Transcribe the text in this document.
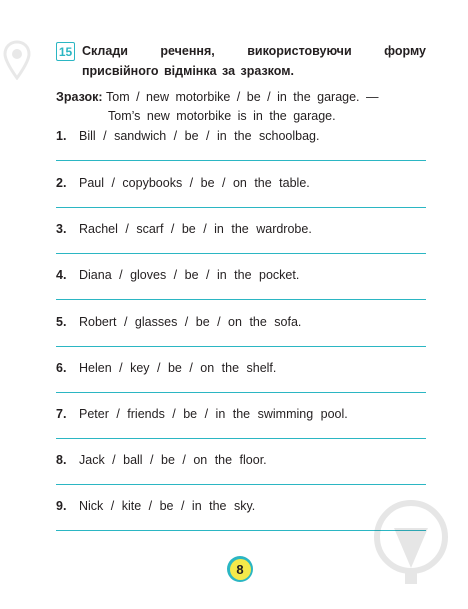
15 Склади речення, використовуючи форму присвійного відмінка за зразком.
Зразок: Tom / new motorbike / be / in the garage. —
Tom’s new motorbike is in the garage.
1.	Bill / sandwich / be / in the schoolbag.
2.	Paul / copybooks / be / on the table.
3.	Rachel / scarf / be / in the wardrobe.
4.	Diana / gloves / be / in the pocket.
5.	Robert / glasses / be / on the sofa.
6.	Helen / key / be / on the shelf.
7.	Peter / friends / be / in the swimming pool.
8.	Jack / ball / be / on the floor.
9.	Nick / kite / be / in the sky.
8
